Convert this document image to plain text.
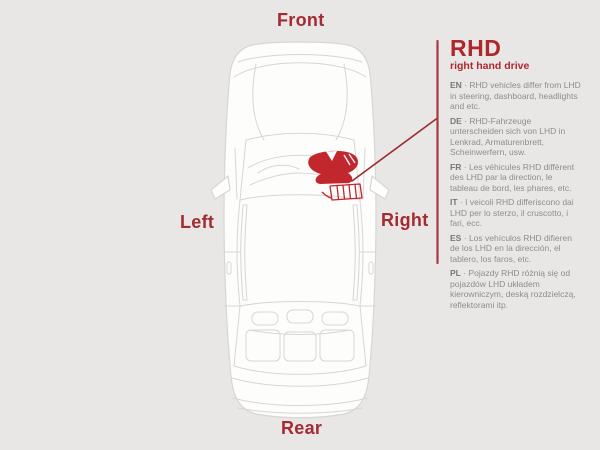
Front
Rear
Left	Right
RHD
right hand drive

EN · RHD vehicles differ from LHD in steering, dashboard, headlights and etc.

DE · RHD-Fahrzeuge unterscheiden sich von LHD in Lenkrad, Armaturenbrett, Scheinwerfern, usw.

FR · Les véhicules RHD diffèrent des LHD par la direction, le tableau de bord, les phares, etc.

IT · I veicoli RHD differiscono dai LHD per lo sterzo, il cruscotto, i fari, ecc.

ES · Los vehículos RHD difieren de los LHD en la dirección, el tablero, los faros, etc.

PL · Pojazdy RHD różnią się od pojazdów LHD układem kierowniczym, deską rozdzielczą, reflektorami itp.
